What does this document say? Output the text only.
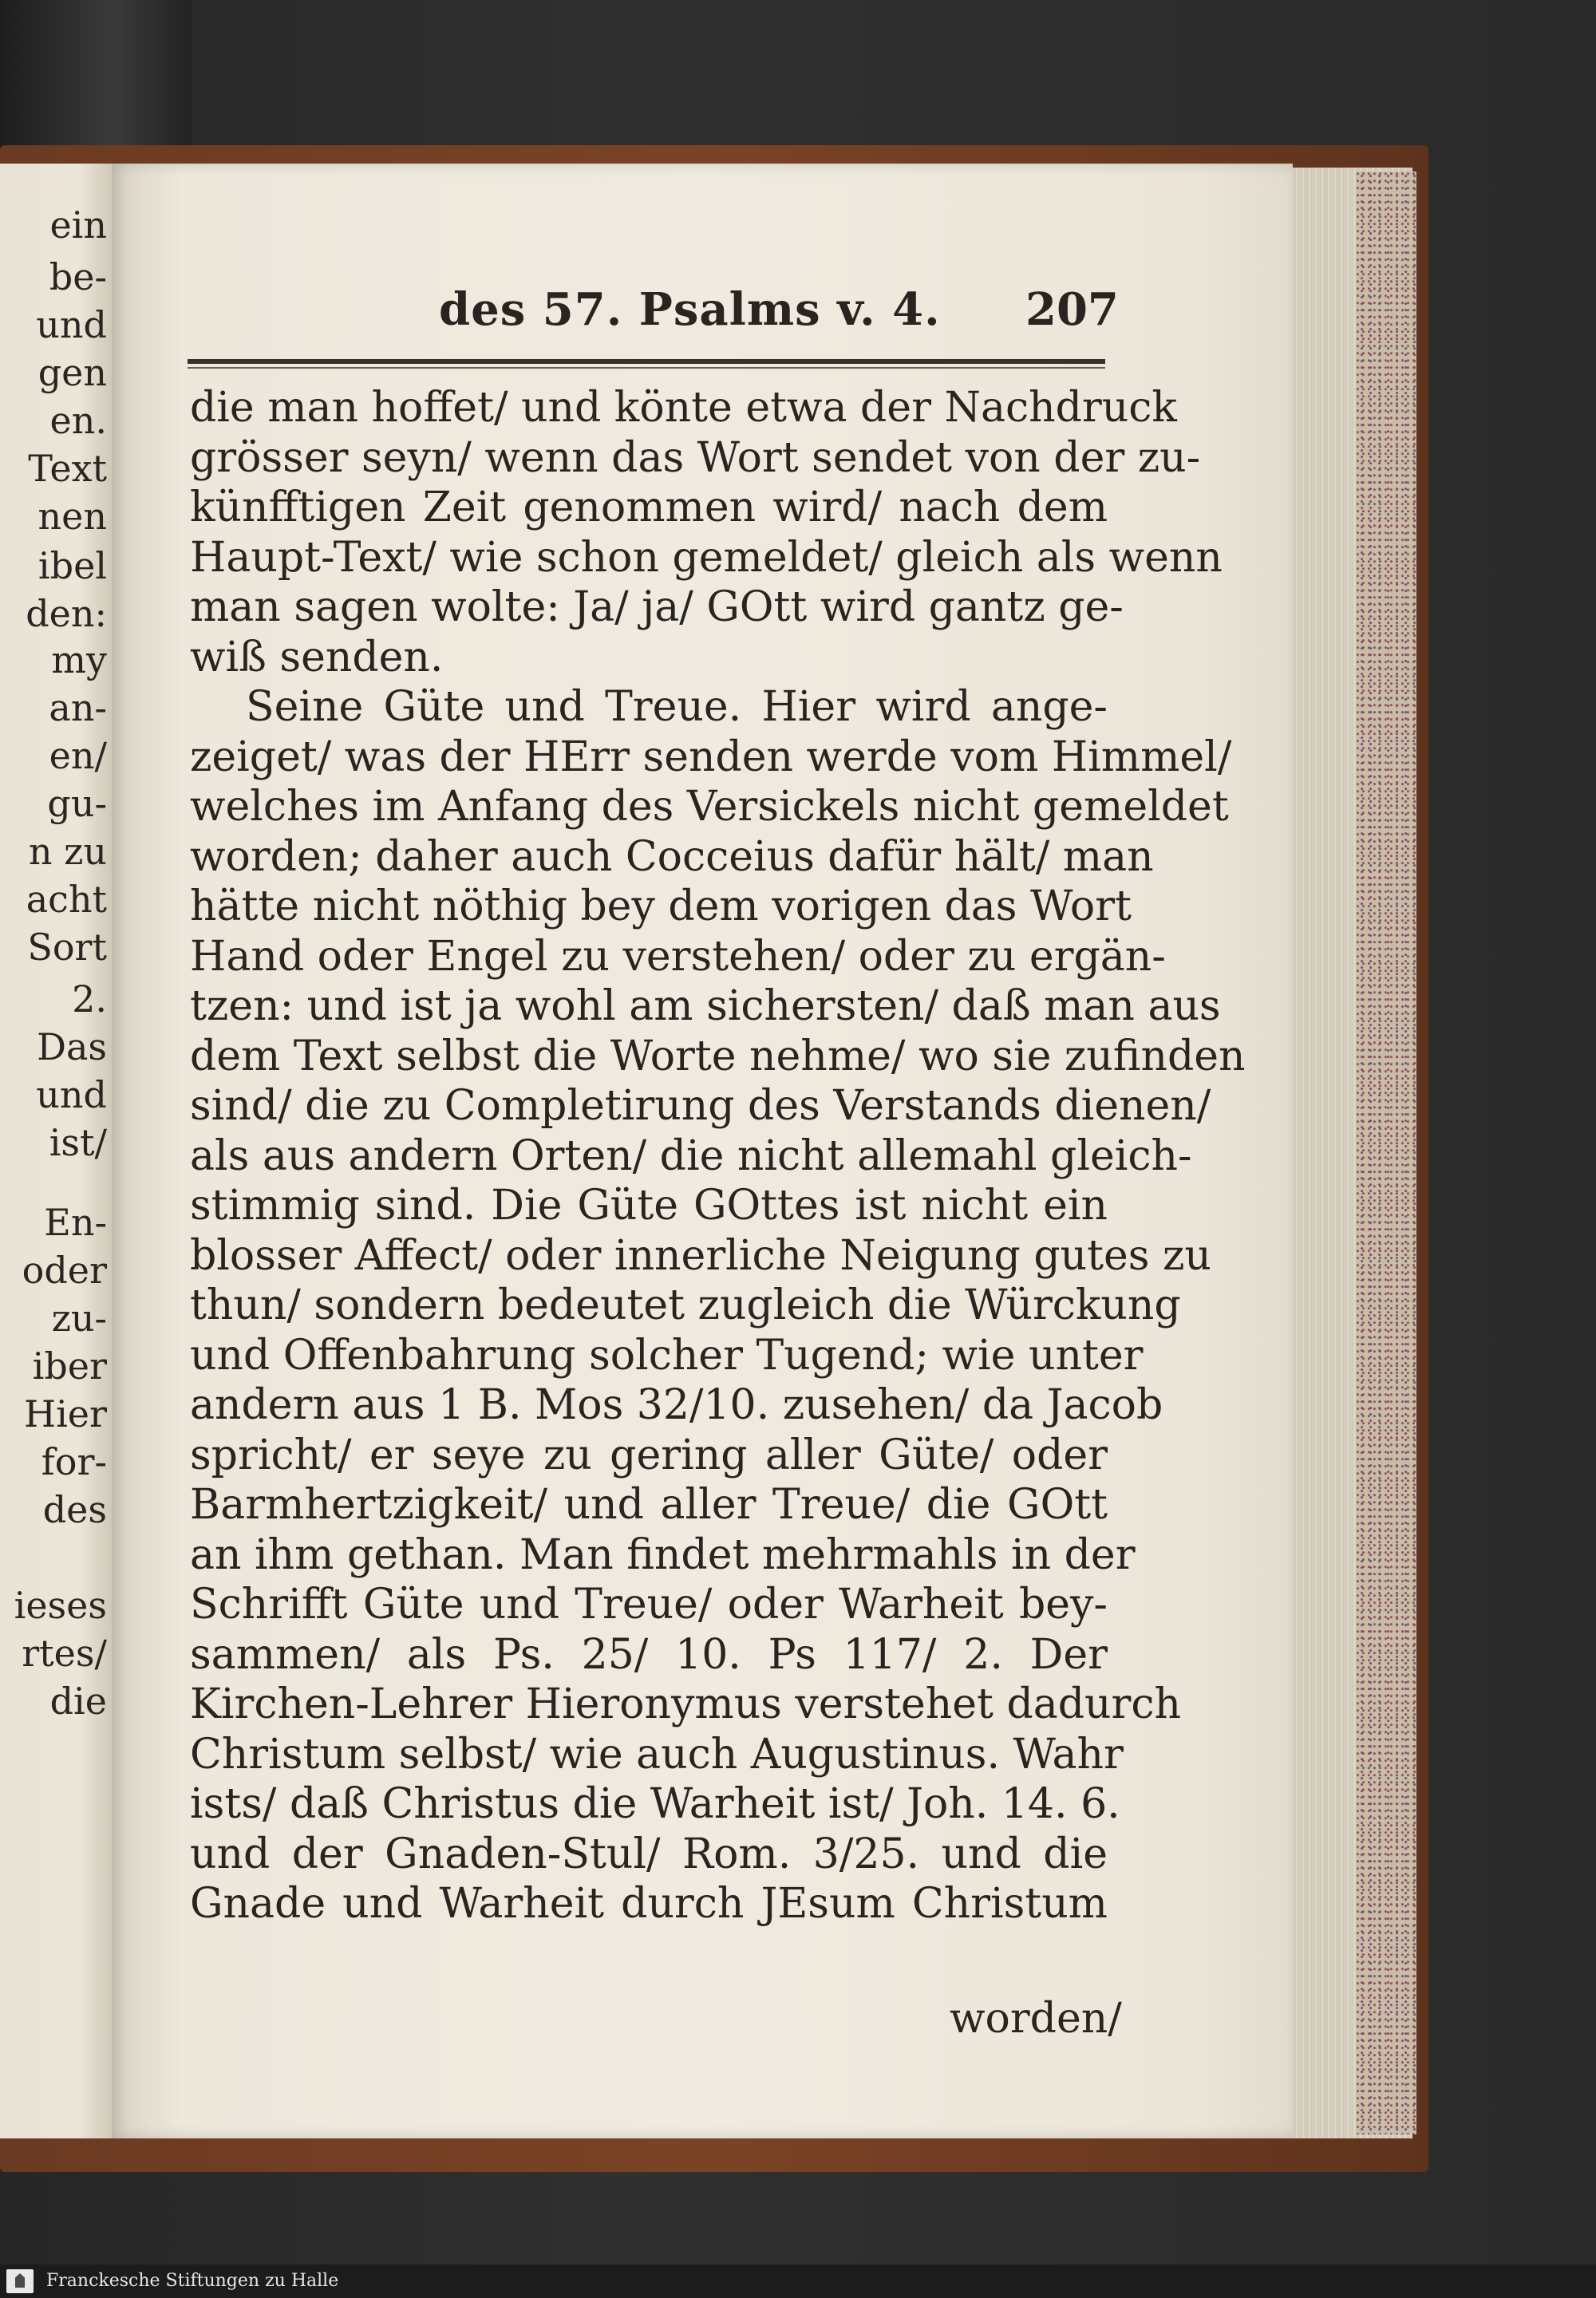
ein
be-
und
gen
en.
Text
nen
ibel
den:
my
an-
en/
gu-
n zu
acht
Sort
2.
Das
und
ist/
En-
oder
zu-
iber
Hier
for-
des
ieses
rtes/
die
des 57. Psalms v. 4. 207
die man hoffet/ und könte etwa der Nachdruck
grösser seyn/ wenn das Wort sendet von der zu-
künfftigen Zeit genommen wird/ nach dem
Haupt-Text/ wie schon gemeldet/ gleich als wenn
man sagen wolte: Ja/ ja/ GOtt wird gantz ge-
wiß senden.
Seine Güte und Treue. Hier wird ange-
zeiget/ was der HErr senden werde vom Himmel/
welches im Anfang des Versickels nicht gemeldet
worden; daher auch Cocceius dafür hält/ man
hätte nicht nöthig bey dem vorigen das Wort
Hand oder Engel zu verstehen/ oder zu ergän-
tzen: und ist ja wohl am sichersten/ daß man aus
dem Text selbst die Worte nehme/ wo sie zufinden
sind/ die zu Completirung des Verstands dienen/
als aus andern Orten/ die nicht allemahl gleich-
stimmig sind. Die Güte GOttes ist nicht ein
blosser Affect/ oder innerliche Neigung gutes zu
thun/ sondern bedeutet zugleich die Würckung
und Offenbahrung solcher Tugend; wie unter
andern aus 1 B. Mos 32/10. zusehen/ da Jacob
spricht/ er seye zu gering aller Güte/ oder
Barmhertzigkeit/ und aller Treue/ die GOtt
an ihm gethan. Man findet mehrmahls in der
Schrifft Güte und Treue/ oder Warheit bey-
sammen/ als Ps. 25/ 10. Ps 117/ 2. Der
Kirchen-Lehrer Hieronymus verstehet dadurch
Christum selbst/ wie auch Augustinus. Wahr
ists/ daß Christus die Warheit ist/ Joh. 14. 6.
und der Gnaden-Stul/ Rom. 3/25. und die
Gnade und Warheit durch JEsum Christum
worden/
Franckesche Stiftungen zu Halle
